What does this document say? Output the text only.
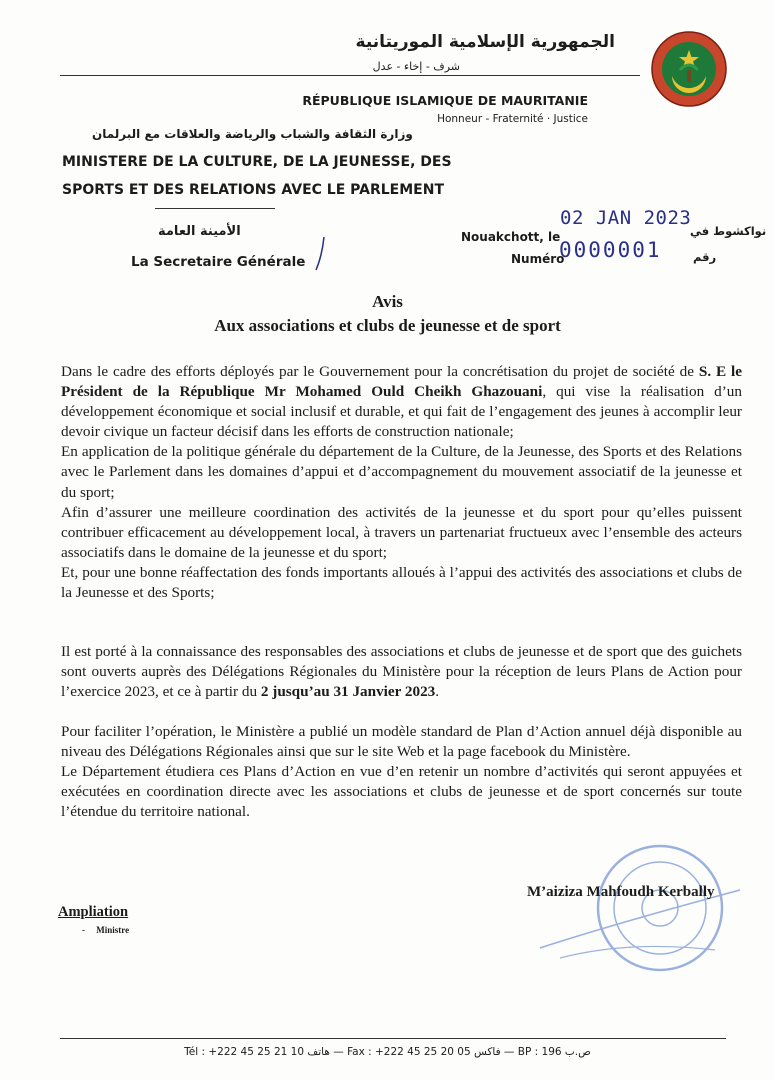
الجمهورية الإسلامية الموريتانية
شرف - إخاء - عدل
RÉPUBLIQUE ISLAMIQUE DE MAURITANIE
Honneur - Fraternité · Justice
وزارة الثقافة والشباب والرياضة والعلاقات مع البرلمان
MINISTERE DE LA CULTURE, DE LA JEUNESSE, DES SPORTS ET DES RELATIONS AVEC LE PARLEMENT
الأمينة العامة
La Secretaire Générale
Nouakchott, le
Numéro
02 JAN 2023
0000001
نواكشوط في
رقم
Avis
Aux associations et clubs de jeunesse et de sport
Dans le cadre des efforts déployés par le Gouvernement pour la concrétisation du projet de société de S. E le Président de la République Mr Mohamed Ould Cheikh Ghazouani, qui vise la réalisation d’un développement économique et social inclusif et durable, et qui fait de l’engagement des jeunes à accomplir leur devoir civique un facteur décisif dans les efforts de construction nationale;
En application de la politique générale du département de la Culture, de la Jeunesse, des Sports et des Relations avec le Parlement dans les domaines d’appui et d’accompagnement du mouvement associatif de la jeunesse et du sport;
Afin d’assurer une meilleure coordination des activités de la jeunesse et du sport pour qu’elles puissent contribuer efficacement au développement local, à travers un partenariat fructueux avec l’ensemble des acteurs associatifs dans le domaine de la jeunesse et du sport;
Et, pour une bonne réaffectation des fonds importants alloués à l’appui des activités des associations et clubs de la Jeunesse et des Sports;
Il est porté à la connaissance des responsables des associations et clubs de jeunesse et de sport que des guichets sont ouverts auprès des Délégations Régionales du Ministère pour la réception de leurs Plans de Action pour l’exercice 2023, et ce à partir du 2 jusqu’au 31 Janvier 2023.
Pour faciliter l’opération, le Ministère a publié un modèle standard de Plan d’Action annuel déjà disponible au niveau des Délégations Régionales ainsi que sur le site Web et la page facebook du Ministère.
Le Département étudiera ces Plans d’Action en vue d’en retenir un nombre d’activités qui seront appuyées et exécutées en coordination directe avec les associations et clubs de jeunesse et de sport concernés sur toute l’étendue du territoire national.
M’aiziza Mahfoudh Kerbally
Ampliation
-     Ministre
Tél : +222 45 25 21 10 هاتف — Fax : +222 45 25 20 05 فاكس — BP : 196 ص.ب
